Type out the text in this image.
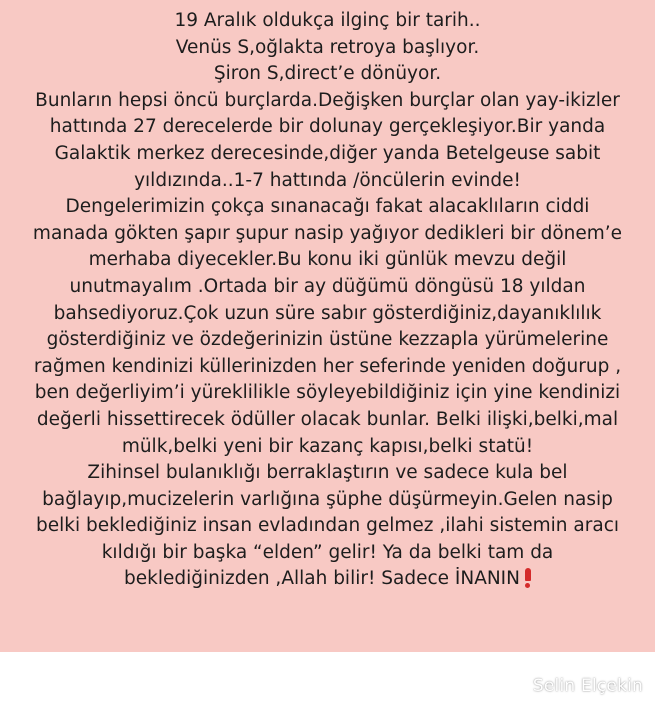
19 Aralık oldukça ilginç bir tarih..
Venüs S,oğlakta retroya başlıyor.
Şiron S,direct’e dönüyor.
Bunların hepsi öncü burçlarda.Değişken burçlar olan yay-ikizler
hattında 27 derecelerde bir dolunay gerçekleşiyor.Bir yanda
Galaktik merkez derecesinde,diğer yanda Betelgeuse sabit
yıldızında..1-7 hattında /öncülerin evinde!
Dengelerimizin çokça sınanacağı fakat alacaklıların ciddi
manada gökten şapır şupur nasip yağıyor dedikleri bir dönem’e
merhaba diyecekler.Bu konu iki günlük mevzu değil
unutmayalım .Ortada bir ay düğümü döngüsü 18 yıldan
bahsediyoruz.Çok uzun süre sabır gösterdiğiniz,dayanıklılık
gösterdiğiniz ve özdeğerinizin üstüne kezzapla yürümelerine
rağmen kendinizi küllerinizden her seferinde yeniden doğurup ,
ben değerliyim’i yüreklilikle söyleyebildiğiniz için yine kendinizi
değerli hissettirecek ödüller olacak bunlar. Belki ilişki,belki,mal
mülk,belki yeni bir kazanç kapısı,belki statü!
Zihinsel bulanıklığı berraklaştırın ve sadece kula bel
bağlayıp,mucizelerin varlığına şüphe düşürmeyin.Gelen nasip
belki beklediğiniz insan evladından gelmez ,ilahi sistemin aracı
kıldığı bir başka “elden” gelir! Ya da belki tam da
beklediğinizden ,Allah bilir! Sadece İNANIN
Selin Elçekin
